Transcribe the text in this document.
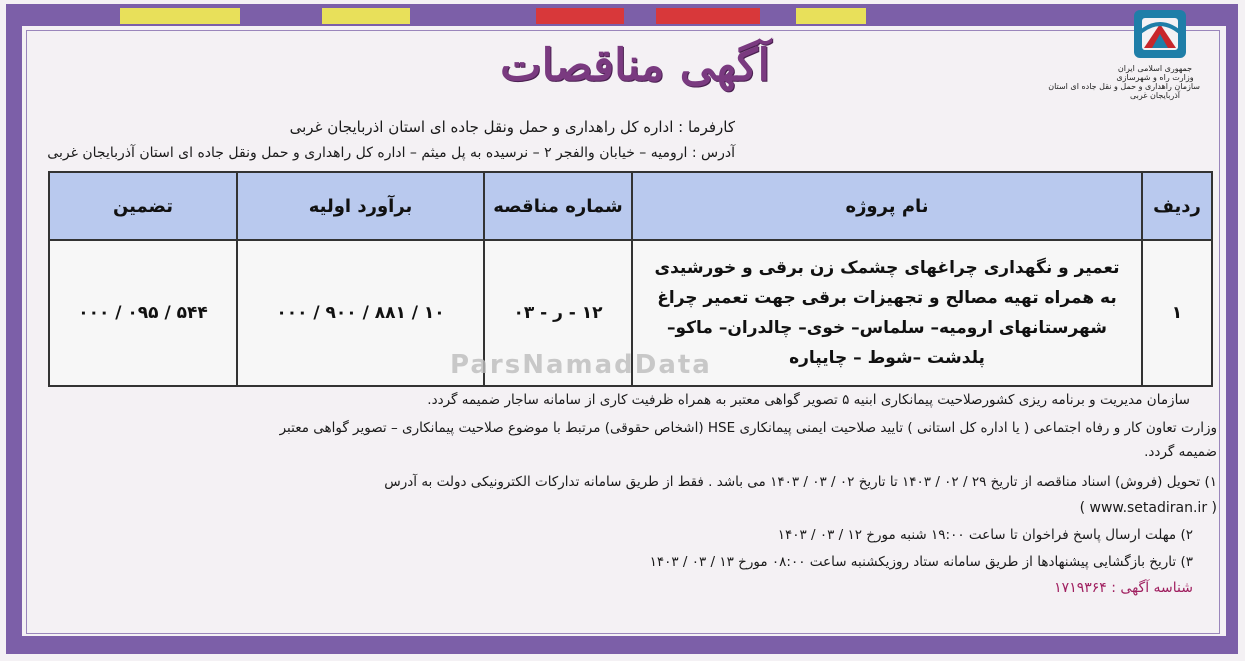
جمهوری اسلامی ایران
وزارت راه و شهرسازی
سازمان راهداری و حمل و نقل جاده ای استان
آذربایجان غربی
آگهی مناقصات
کارفرما : اداره کل راهداری و حمل ونقل جاده ای استان اذربایجان غربی
آدرس : ارومیه – خیابان والفجر ۲ – نرسیده به پل میثم – اداره کل راهداری و حمل ونقل جاده ای استان آذربایجان غربی
ردیف	نام پروژه	شماره مناقصه	برآورد اولیه	تضمین
۱	تعمیر و نگهداری چراغهای چشمک زن برقی و خورشیدی
به همراه تهیه مصالح و تجهیزات برقی جهت تعمیر چراغ
شهرستانهای ارومیه– سلماس– خوی– چالدران– ماکو–
پلدشت –شوط – چایپاره	۱۲ - ر - ۰۳	۱۰ / ۸۸۱ / ۹۰۰ / ۰۰۰	۵۴۴ / ۰۹۵ / ۰۰۰
ParsNamadData
سازمان مدیریت و برنامه ریزی کشورصلاحیت پیمانکاری ابنیه ۵ تصویر گواهی معتبر به همراه ظرفیت کاری از سامانه ساجار ضمیمه گردد.
وزارت تعاون کار و رفاه اجتماعی ( یا اداره کل استانی ) تایید صلاحیت ایمنی پیمانکاری HSE (اشخاص حقوقی) مرتبط با موضوع صلاحیت پیمانکاری – تصویر گواهی معتبر
ضمیمه گردد.
۱) تحویل (فروش) اسناد مناقصه از تاریخ ۲۹ / ۰۲ / ۱۴۰۳ تا تاریخ ۰۲ / ۰۳ / ۱۴۰۳ می باشد . فقط از طریق سامانه تدارکات الکترونیکی دولت به آدرس
( www.setadiran.ir )
۲) مهلت ارسال پاسخ فراخوان تا ساعت ۱۹:۰۰ شنبه مورخ ۱۲ / ۰۳ / ۱۴۰۳
۳) تاریخ بازگشایی پیشنهادها از طریق سامانه ستاد روزیکشنبه ساعت ۰۸:۰۰ مورخ ۱۳ / ۰۳ / ۱۴۰۳
شناسه آگهی : ۱۷۱۹۳۶۴
